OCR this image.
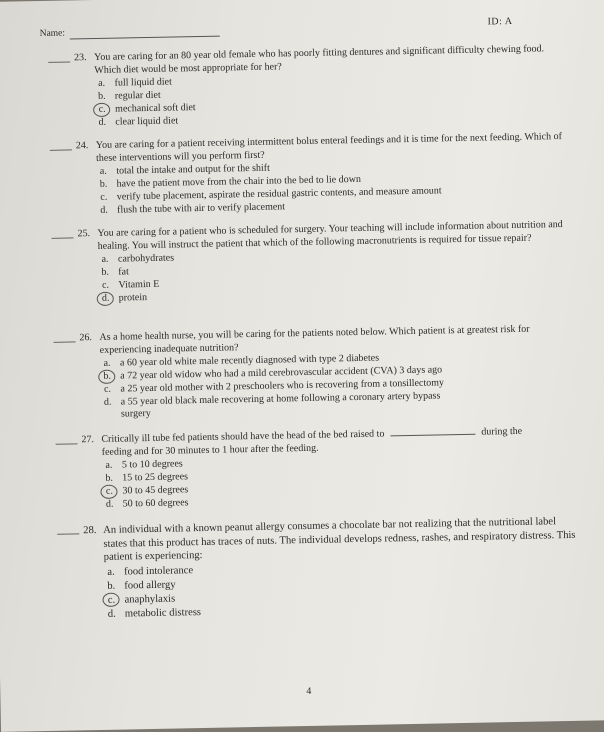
Name:
ID: A
23. You are caring for an 80 year old female who has poorly fitting dentures and significant difficulty chewing food. Which diet would be most appropriate for her?
a. full liquid diet
b. regular diet
c. mechanical soft diet
d. clear liquid diet
24. You are caring for a patient receiving intermittent bolus enteral feedings and it is time for the next feeding. Which of these interventions will you perform first?
a. total the intake and output for the shift
b. have the patient move from the chair into the bed to lie down
c. verify tube placement, aspirate the residual gastric contents, and measure amount
d. flush the tube with air to verify placement
25. You are caring for a patient who is scheduled for surgery. Your teaching will include information about nutrition and healing. You will instruct the patient that which of the following macronutrients is required for tissue repair?
a. carbohydrates
b. fat
c. Vitamin E
d. protein
26. As a home health nurse, you will be caring for the patients noted below. Which patient is at greatest risk for experiencing inadequate nutrition?
a. a 60 year old white male recently diagnosed with type 2 diabetes
b. a 72 year old widow who had a mild cerebrovascular accident (CVA) 3 days ago
c. a 25 year old mother with 2 preschoolers who is recovering from a tonsillectomy
d. a 55 year old black male recovering at home following a coronary artery bypass
surgery
27. Critically ill tube fed patients should have the head of the bed raised to	during the
feeding and for 30 minutes to 1 hour after the feeding.
a. 5 to 10 degrees
b. 15 to 25 degrees
c. 30 to 45 degrees
d. 50 to 60 degrees
28. An individual with a known peanut allergy consumes a chocolate bar not realizing that the nutritional label states that this product has traces of nuts. The individual develops redness, rashes, and respiratory distress. This patient is experiencing:
a. food intolerance
b. food allergy
c. anaphylaxis
d. metabolic distress
4
